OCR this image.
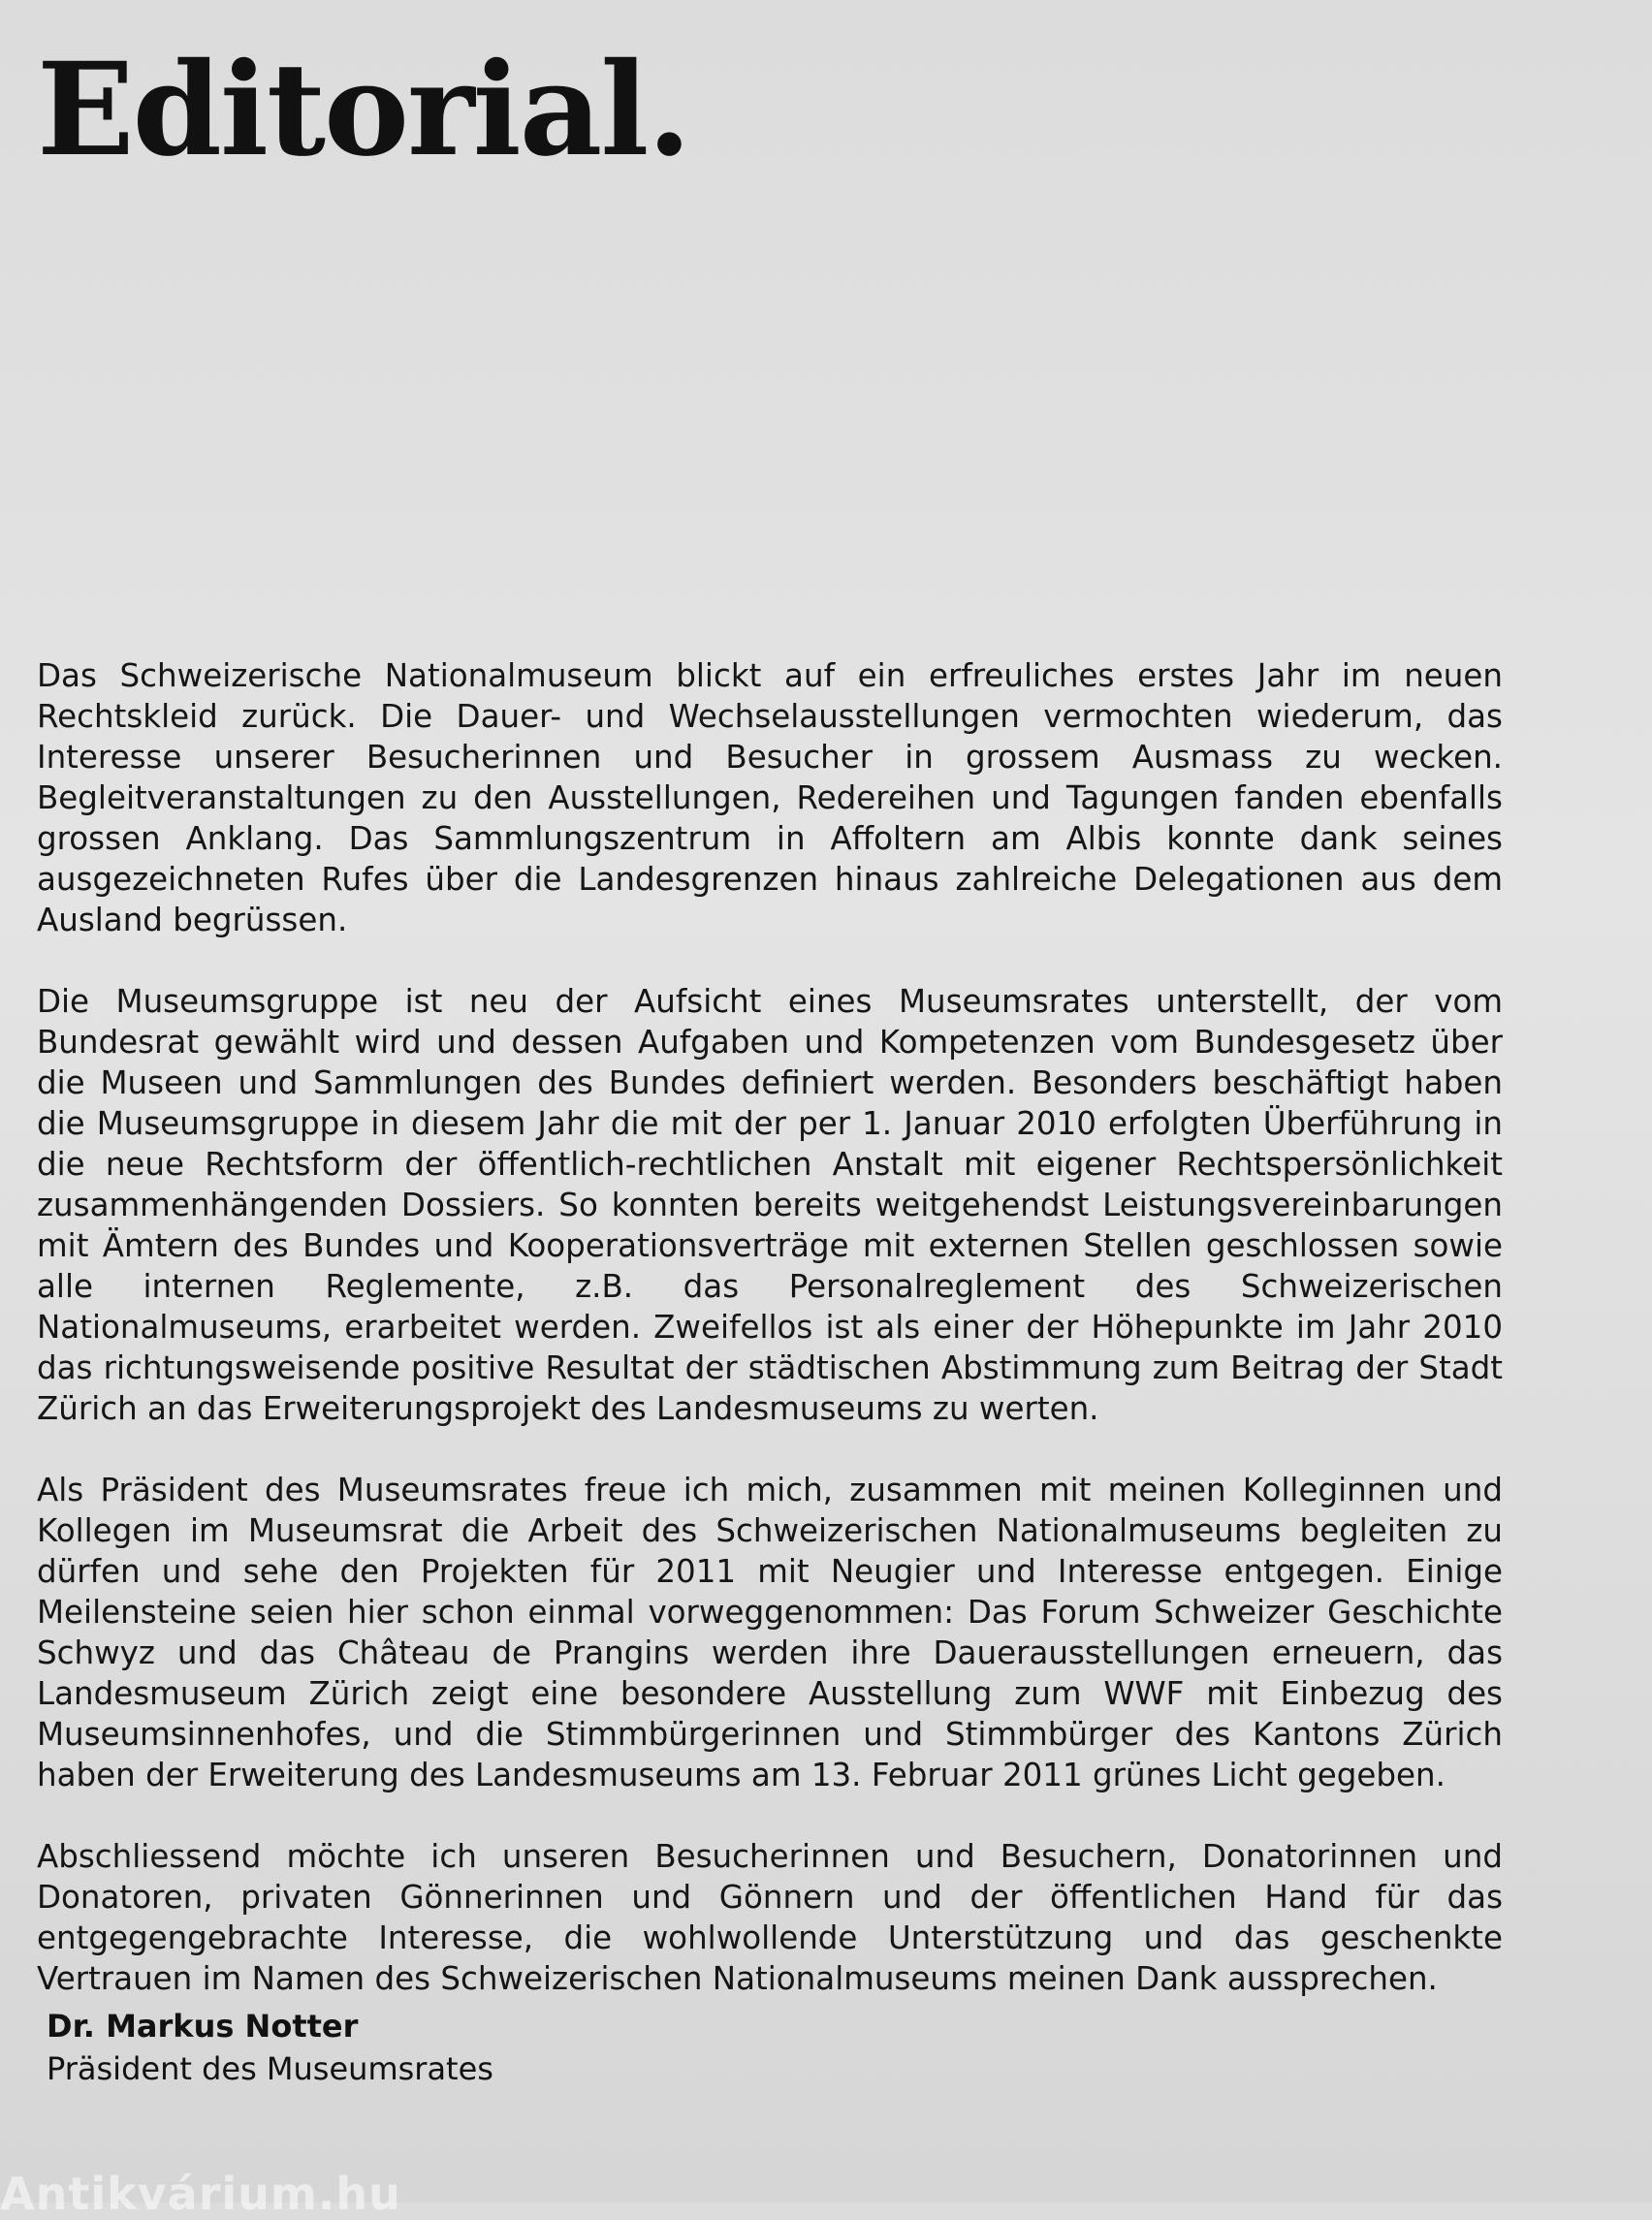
Editorial.

Das Schweizerische Nationalmuseum blickt auf ein erfreuliches erstes Jahr im neuen Rechtskleid zurück. Die Dauer- und Wechselausstellungen vermochten wiederum, das Interesse unserer Besucherinnen und Besucher in grossem Ausmass zu wecken. Begleitveranstaltungen zu den Ausstellungen, Redereihen und Tagungen fanden ebenfalls grossen Anklang. Das Sammlungszentrum in Affoltern am Albis konnte dank seines ausgezeichneten Rufes über die Landesgrenzen hinaus zahlreiche Delegationen aus dem Ausland begrüssen.

Die Museumsgruppe ist neu der Aufsicht eines Museumsrates unterstellt, der vom Bundesrat gewählt wird und dessen Aufgaben und Kompetenzen vom Bundesgesetz über die Museen und Sammlungen des Bundes definiert werden. Besonders beschäftigt haben die Museumsgruppe in diesem Jahr die mit der per 1. Januar 2010 erfolgten Überführung in die neue Rechtsform der öffentlich-rechtlichen Anstalt mit eigener Rechtspersönlichkeit zusammenhängenden Dossiers. So konnten bereits weitgehendst Leistungsvereinbarungen mit Ämtern des Bundes und Kooperationsverträge mit externen Stellen geschlossen sowie alle internen Reglemente, z.B. das Personalreglement des Schweizerischen Nationalmuseums, erarbeitet werden. Zweifellos ist als einer der Höhepunkte im Jahr 2010 das richtungsweisende positive Resultat der städtischen Abstimmung zum Beitrag der Stadt Zürich an das Erweiterungsprojekt des Landesmuseums zu werten.

Als Präsident des Museumsrates freue ich mich, zusammen mit meinen Kolleginnen und Kollegen im Museumsrat die Arbeit des Schweizerischen Nationalmuseums begleiten zu dürfen und sehe den Projekten für 2011 mit Neugier und Interesse entgegen. Einige Meilensteine seien hier schon einmal vorweggenommen: Das Forum Schweizer Geschichte Schwyz und das Château de Prangins werden ihre Dauerausstellungen erneuern, das Landesmuseum Zürich zeigt eine besondere Ausstellung zum WWF mit Einbezug des Museumsinnenhofes, und die Stimmbürgerinnen und Stimmbürger des Kantons Zürich haben der Erweiterung des Landesmuseums am 13. Februar 2011 grünes Licht gegeben.

Abschliessend möchte ich unseren Besucherinnen und Besuchern, Donatorinnen und Donatoren, privaten Gönnerinnen und Gönnern und der öffentlichen Hand für das entgegengebrachte Interesse, die wohlwollende Unterstützung und das geschenkte Vertrauen im Namen des Schweizerischen Nationalmuseums meinen Dank aussprechen.

Dr. Markus Notter
Präsident des Museumsrates
Antikvárium.hu
